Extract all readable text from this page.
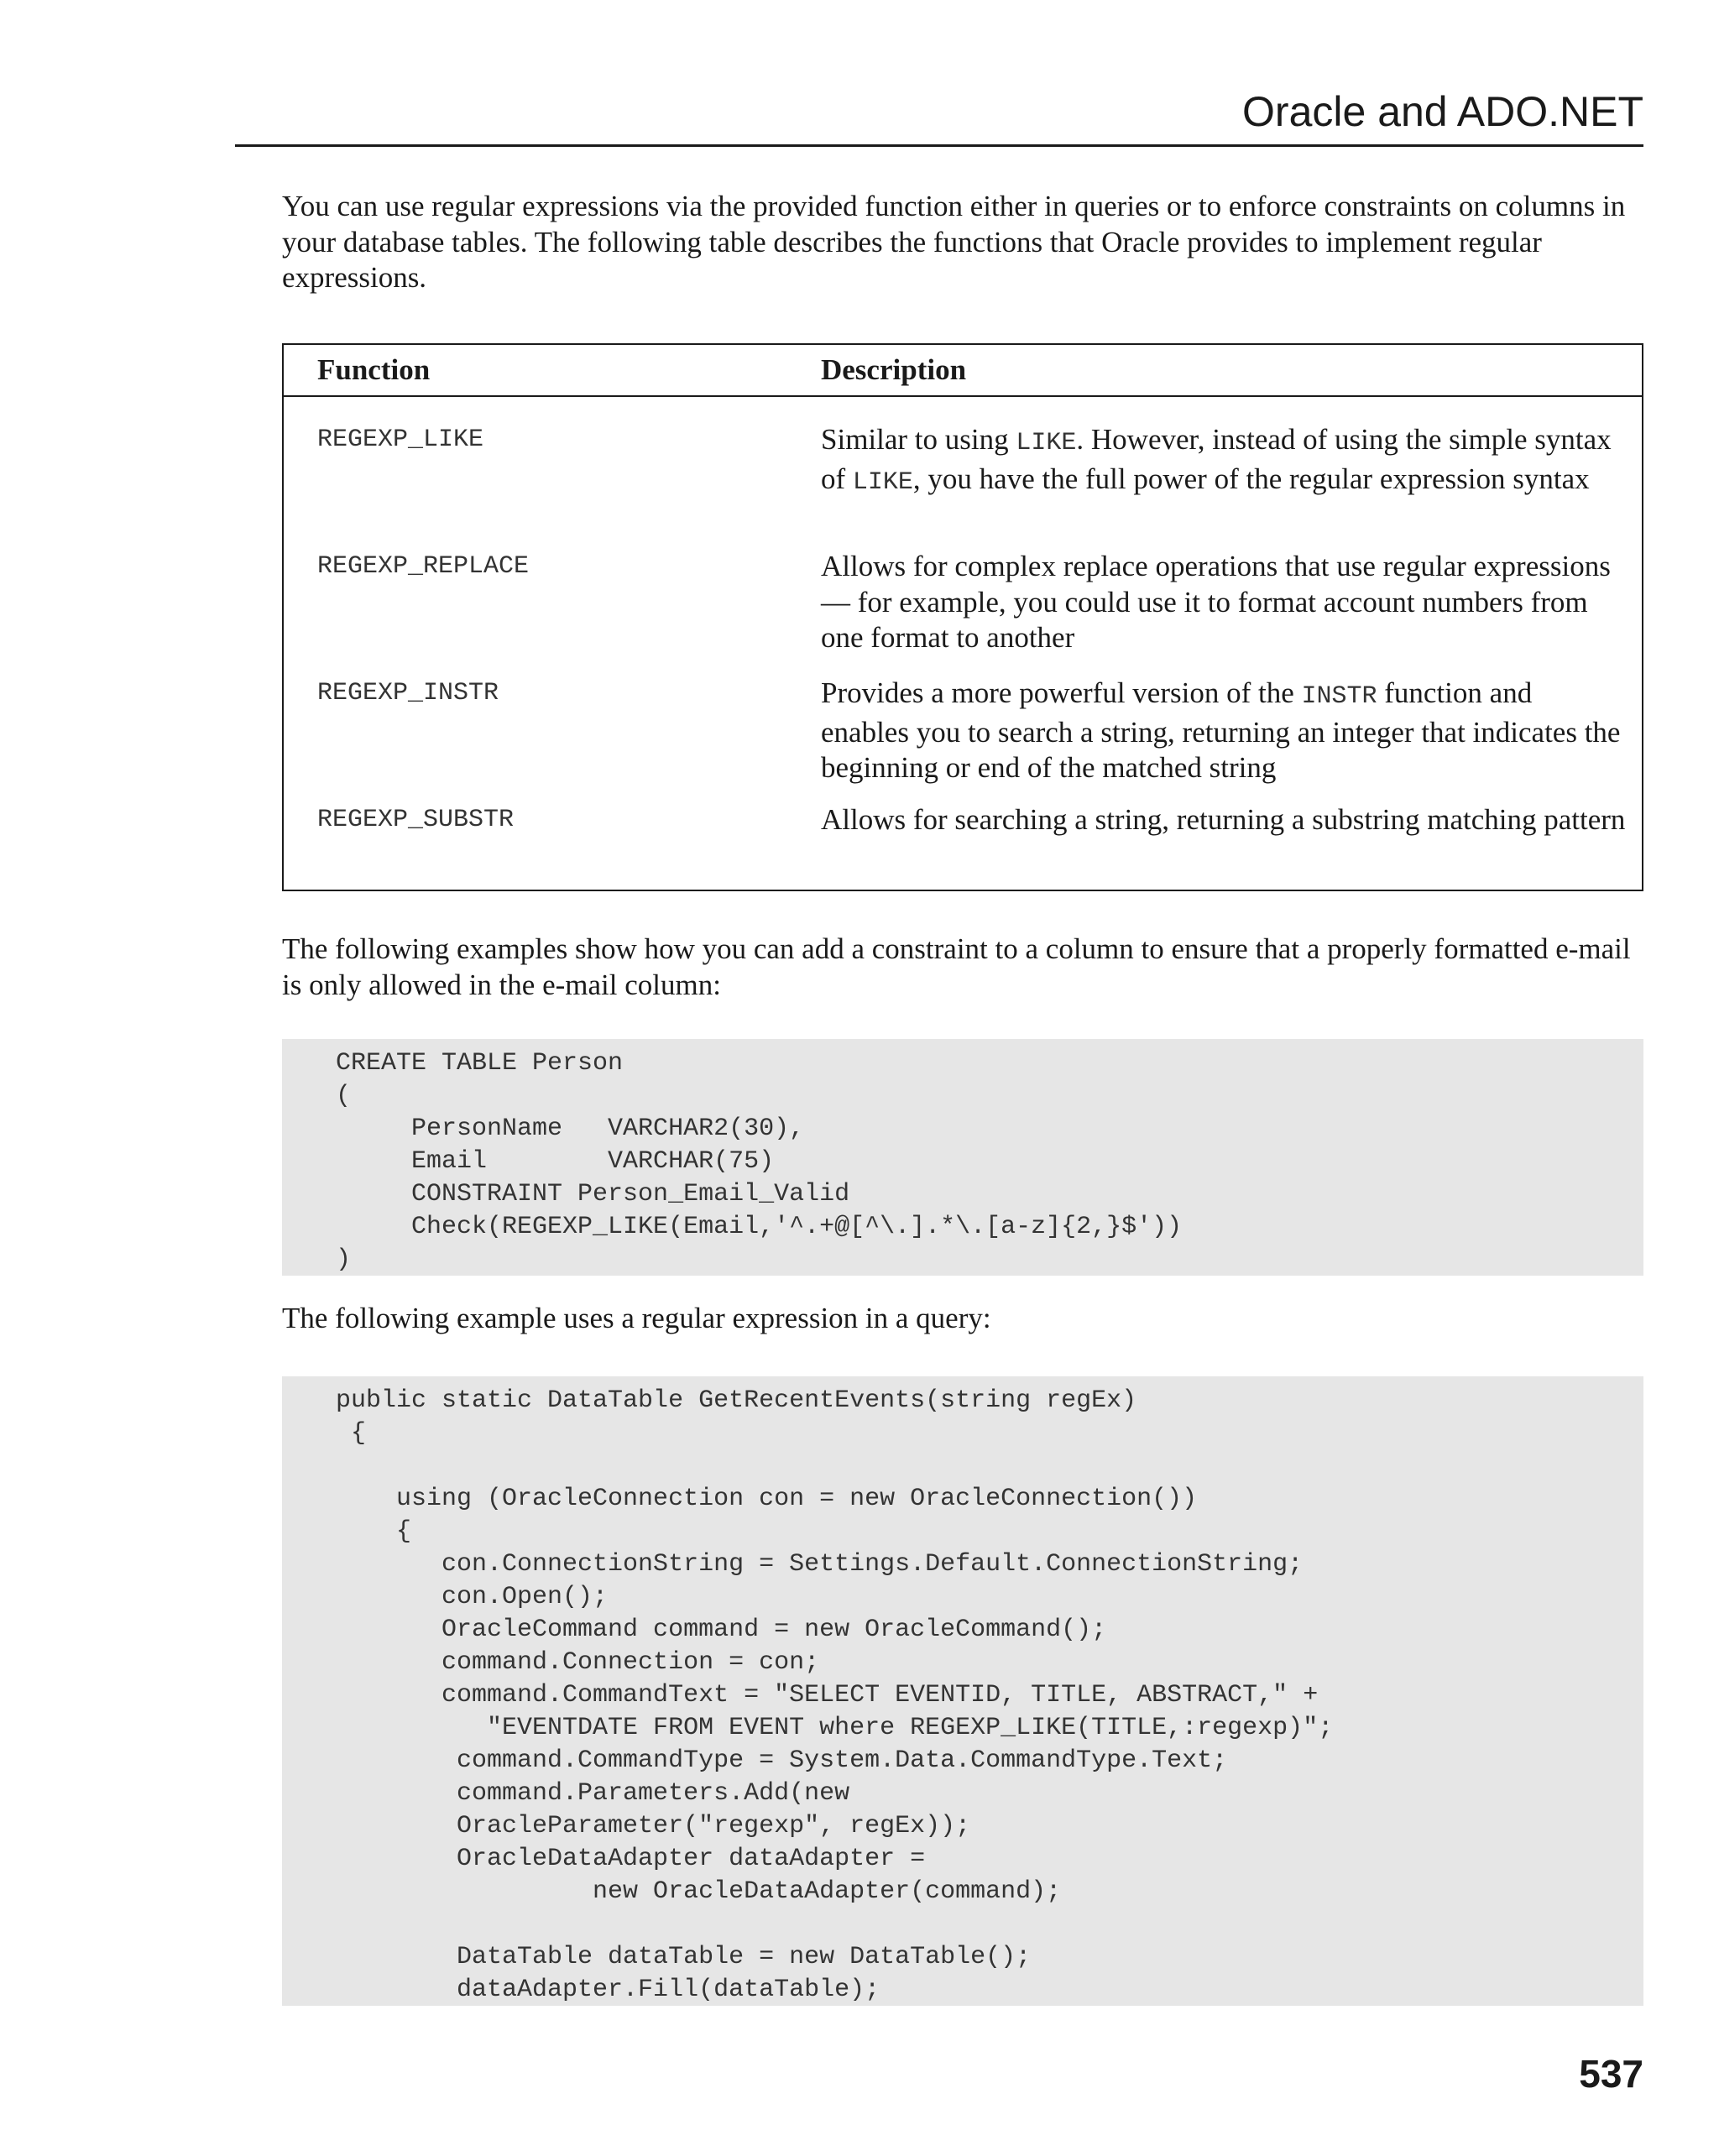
Oracle and ADO.NET

You can use regular expressions via the provided function either in queries or to enforce constraints on columns in your database tables. The following table describes the functions that Oracle provides to implement regular expressions.

Function	Description
REGEXP_LIKE	Similar to using LIKE. However, instead of using the simple syntax of LIKE, you have the full power of the regular expression syntax
REGEXP_REPLACE	Allows for complex replace operations that use regular expressions — for example, you could use it to format account numbers from one format to another
REGEXP_INSTR	Provides a more powerful version of the INSTR function and enables you to search a string, returning an integer that indicates the beginning or end of the matched string
REGEXP_SUBSTR	Allows for searching a string, returning a substring matching pattern

The following examples show how you can add a constraint to a column to ensure that a properly formatted e-mail is only allowed in the e-mail column:

CREATE TABLE Person
(
PersonName   VARCHAR2(30),
Email        VARCHAR(75)
CONSTRAINT Person_Email_Valid
Check(REGEXP_LIKE(Email,'^.+@[^\.].*\.[a-z]{2,}$'))
)

The following example uses a regular expression in a query:

public static DataTable GetRecentEvents(string regEx)
{
using (OracleConnection con = new OracleConnection())
{
con.ConnectionString = Settings.Default.ConnectionString;
con.Open();
OracleCommand command = new OracleCommand();
command.Connection = con;
command.CommandText = "SELECT EVENTID, TITLE, ABSTRACT," +
"EVENTDATE FROM EVENT where REGEXP_LIKE(TITLE,:regexp)";
command.CommandType = System.Data.CommandType.Text;
command.Parameters.Add(new
OracleParameter("regexp", regEx));
OracleDataAdapter dataAdapter =
new OracleDataAdapter(command);
DataTable dataTable = new DataTable();
dataAdapter.Fill(dataTable);
537
